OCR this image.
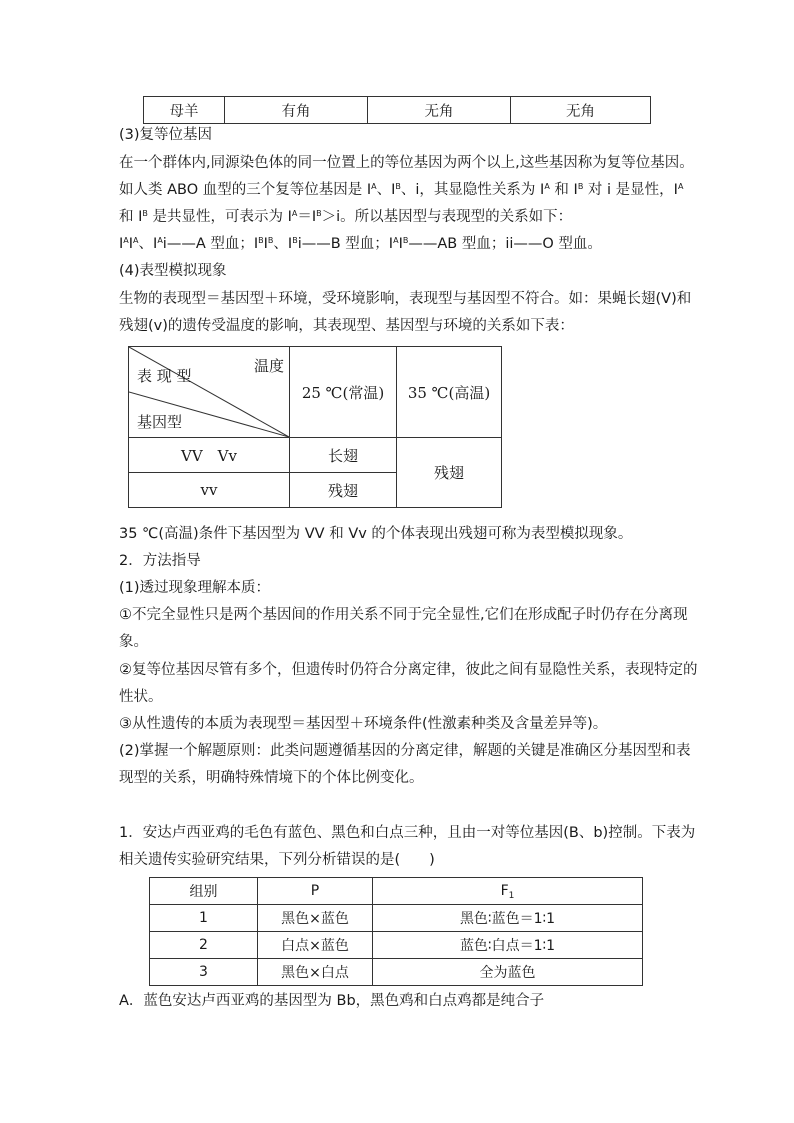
母羊	有角	无角	无角
(3)复等位基因
在一个群体内,同源染色体的同一位置上的等位基因为两个以上,这些基因称为复等位基因。
如人类 ABO 血型的三个复等位基因是 $I^A$、$I^B$、i，其显隐性关系为 $I^A$ 和 $I^B$ 对 i 是显性，$I^A$
和 $I^B$ 是共显性，可表示为 $I^A=I^B>i$。所以基因型与表现型的关系如下：
$I^AI^A$、$I^Ai——A$ 型血；$I^BI^B$、$I^Bi——B$ 型血；$I^AI^B——AB$ 型血；ii——O 型血。
(4)表型模拟现象
生物的表现型＝基因型＋环境，受环境影响，表现型与基因型不符合。如：果蝇长翅(V)和
残翅(v)的遗传受温度的影响，其表现型、基因型与环境的关系如下表：
温度
表 现 型
基因型	25 ℃(常温)	35 ℃(高温)
VV　Vv	长翅	残翅
vv	残翅	
35 ℃(高温)条件下基因型为 VV 和 Vv 的个体表现出残翅可称为表型模拟现象。
2．方法指导
(1)透过现象理解本质：
①不完全显性只是两个基因间的作用关系不同于完全显性,它们在形成配子时仍存在分离现
象。
②复等位基因尽管有多个，但遗传时仍符合分离定律，彼此之间有显隐性关系，表现特定的
性状。
③从性遗传的本质为表现型＝基因型＋环境条件(性激素种类及含量差异等)。
(2)掌握一个解题原则：此类问题遵循基因的分离定律，解题的关键是准确区分基因型和表
现型的关系，明确特殊情境下的个体比例变化。
1．安达卢西亚鸡的毛色有蓝色、黑色和白点三种，且由一对等位基因(B、b)控制。下表为
相关遗传实验研究结果，下列分析错误的是(　　)
组别	P	$F_1$
1	黑色×蓝色	黑色∶蓝色＝1∶1
2	白点×蓝色	蓝色∶白点＝1∶1
3	黑色×白点	全为蓝色
A．蓝色安达卢西亚鸡的基因型为 Bb，黑色鸡和白点鸡都是纯合子
